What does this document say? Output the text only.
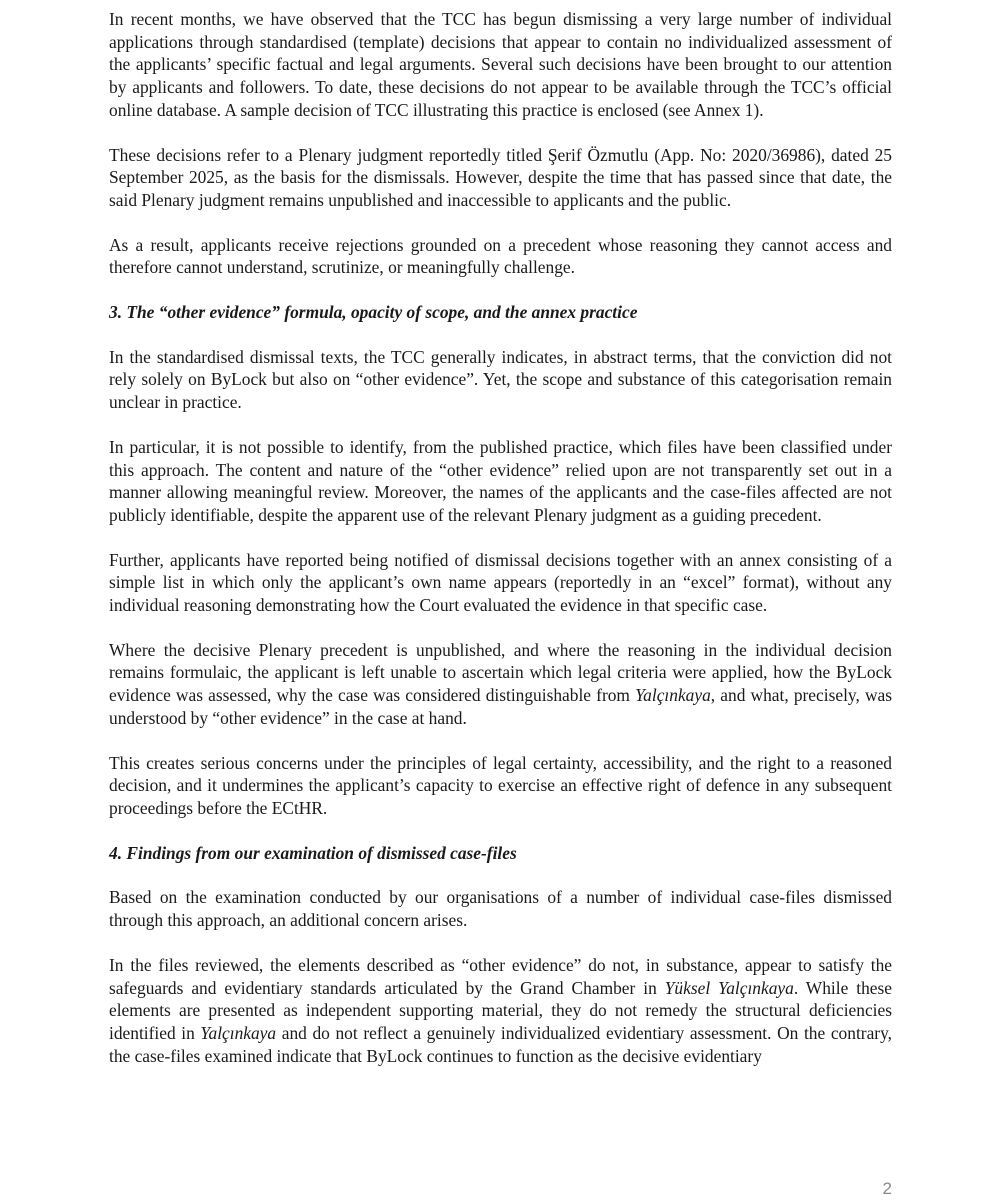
In recent months, we have observed that the TCC has begun dismissing a very large number of individual applications through standardised (template) decisions that appear to contain no individualized assessment of the applicants’ specific factual and legal arguments. Several such decisions have been brought to our attention by applicants and followers. To date, these decisions do not appear to be available through the TCC’s official online database. A sample decision of TCC illustrating this practice is enclosed (see Annex 1).

These decisions refer to a Plenary judgment reportedly titled Şerif Özmutlu (App. No: 2020/36986), dated 25 September 2025, as the basis for the dismissals. However, despite the time that has passed since that date, the said Plenary judgment remains unpublished and inaccessible to applicants and the public.

As a result, applicants receive rejections grounded on a precedent whose reasoning they cannot access and therefore cannot understand, scrutinize, or meaningfully challenge.

3. The “other evidence” formula, opacity of scope, and the annex practice

In the standardised dismissal texts, the TCC generally indicates, in abstract terms, that the conviction did not rely solely on ByLock but also on “other evidence”. Yet, the scope and substance of this categorisation remain unclear in practice.

In particular, it is not possible to identify, from the published practice, which files have been classified under this approach. The content and nature of the “other evidence” relied upon are not transparently set out in a manner allowing meaningful review. Moreover, the names of the applicants and the case-files affected are not publicly identifiable, despite the apparent use of the relevant Plenary judgment as a guiding precedent.

Further, applicants have reported being notified of dismissal decisions together with an annex consisting of a simple list in which only the applicant’s own name appears (reportedly in an “excel” format), without any individual reasoning demonstrating how the Court evaluated the evidence in that specific case.

Where the decisive Plenary precedent is unpublished, and where the reasoning in the individual decision remains formulaic, the applicant is left unable to ascertain which legal criteria were applied, how the ByLock evidence was assessed, why the case was considered distinguishable from Yalçınkaya, and what, precisely, was understood by “other evidence” in the case at hand.

This creates serious concerns under the principles of legal certainty, accessibility, and the right to a reasoned decision, and it undermines the applicant’s capacity to exercise an effective right of defence in any subsequent proceedings before the ECtHR.

4. Findings from our examination of dismissed case-files

Based on the examination conducted by our organisations of a number of individual case-files dismissed through this approach, an additional concern arises.

In the files reviewed, the elements described as “other evidence” do not, in substance, appear to satisfy the safeguards and evidentiary standards articulated by the Grand Chamber in Yüksel Yalçınkaya. While these elements are presented as independent supporting material, they do not remedy the structural deficiencies identified in Yalçınkaya and do not reflect a genuinely individualized evidentiary assessment. On the contrary, the case-files examined indicate that ByLock continues to function as the decisive evidentiary

2
